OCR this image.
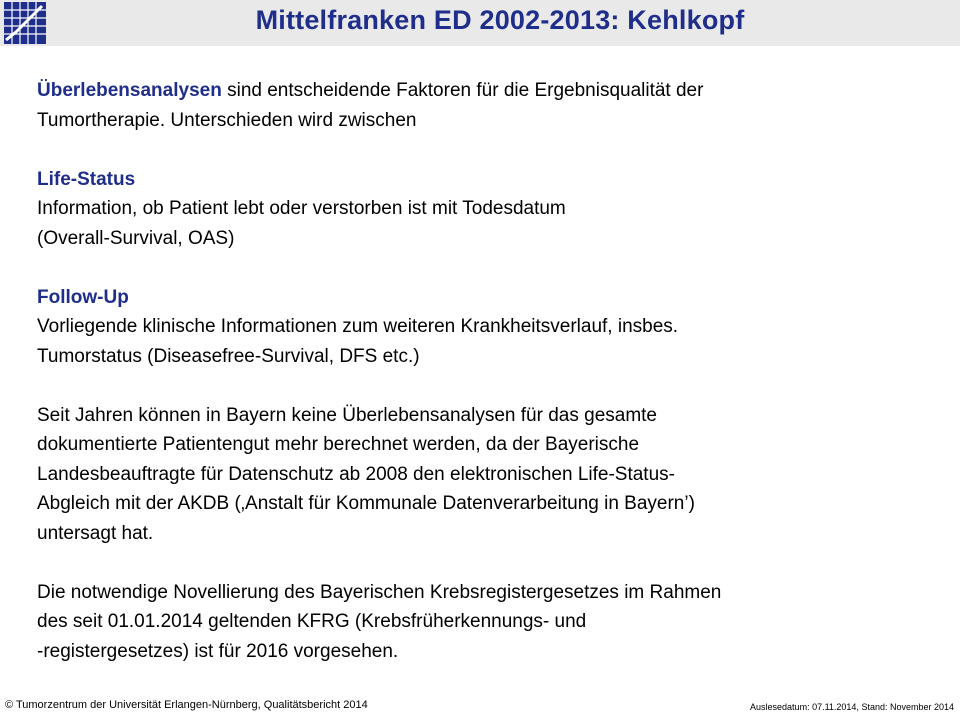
Mittelfranken ED 2002-2013: Kehlkopf

Überlebensanalysen sind entscheidende Faktoren für die Ergebnisqualität der

Tumortherapie. Unterschieden wird zwischen

Life-Status

Information, ob Patient lebt oder verstorben ist mit Todesdatum

(Overall-Survival, OAS)

Follow-Up

Vorliegende klinische Informationen zum weiteren Krankheitsverlauf, insbes.

Tumorstatus (Diseasefree-Survival, DFS etc.)

Seit Jahren können in Bayern keine Überlebensanalysen für das gesamte

dokumentierte Patientengut mehr berechnet werden, da der Bayerische

Landesbeauftragte für Datenschutz ab 2008 den elektronischen Life-Status-

Abgleich mit der AKDB (‚Anstalt für Kommunale Datenverarbeitung in Bayern’)

untersagt hat.

Die notwendige Novellierung des Bayerischen Krebsregistergesetzes im Rahmen

des seit 01.01.2014 geltenden KFRG (Krebsfrüherkennungs- und

-registergesetzes) ist für 2016 vorgesehen.

© Tumorzentrum der Universität Erlangen-Nürnberg, Qualitätsbericht 2014	Auslesedatum: 07.11.2014, Stand: November 2014
